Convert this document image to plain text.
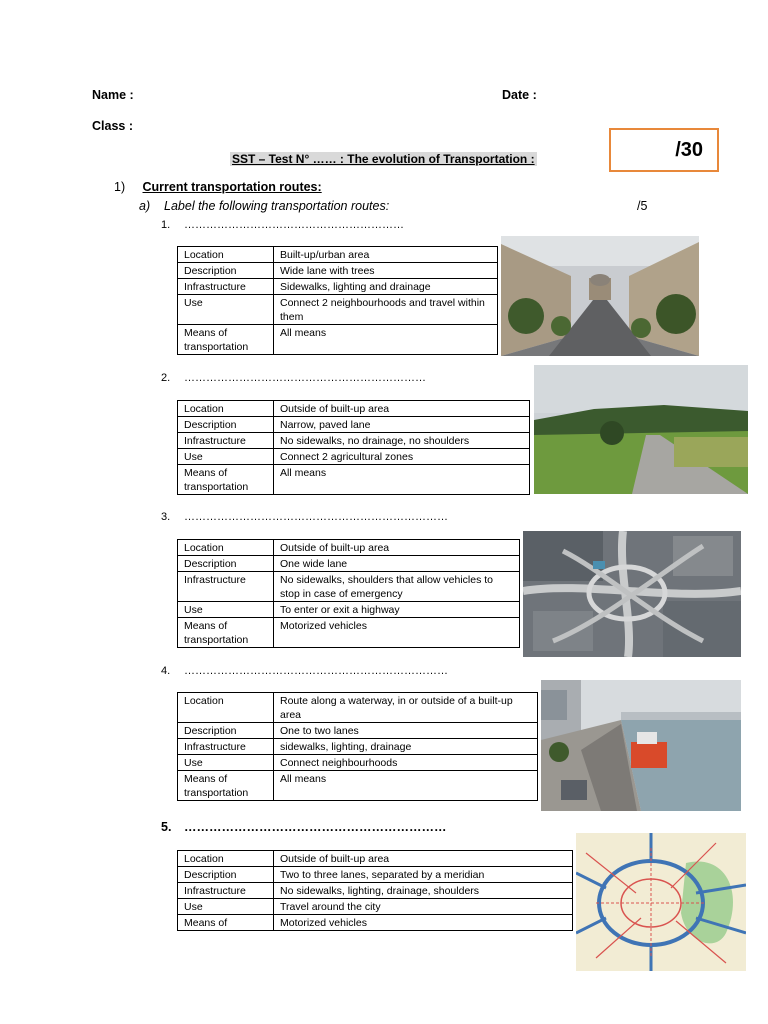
Name :	Date :
Class :
SST – Test N° …… : The evolution of Transportation :	/30
1) Current transportation routes:
a) Label the following transportation routes:	/5
1. ……………………………………………………
Location	Built-up/urban area
Description	Wide lane with trees
Infrastructure	Sidewalks, lighting and drainage
Use	Connect 2 neighbourhoods and travel within them
Means of transportation	All means
2. …………………………………………………………
Location	Outside of built-up area
Description	Narrow, paved lane
Infrastructure	No sidewalks, no drainage, no shoulders
Use	Connect 2 agricultural zones
Means of transportation	All means
3. ………………………………………………………………
Location	Outside of built-up area
Description	One wide lane
Infrastructure	No sidewalks, shoulders that allow vehicles to stop in case of emergency
Use	To enter or exit a highway
Means of transportation	Motorized vehicles
4. ………………………………………………………………
Location	Route along a waterway, in or outside of a built-up area
Description	One to two lanes
Infrastructure	sidewalks, lighting, drainage
Use	Connect neighbourhoods
Means of transportation	All means
5. ………………………………………………………
Location	Outside of built-up area
Description	Two to three lanes, separated by a meridian
Infrastructure	No sidewalks, lighting, drainage, shoulders
Use	Travel around the city
Means of	Motorized vehicles
